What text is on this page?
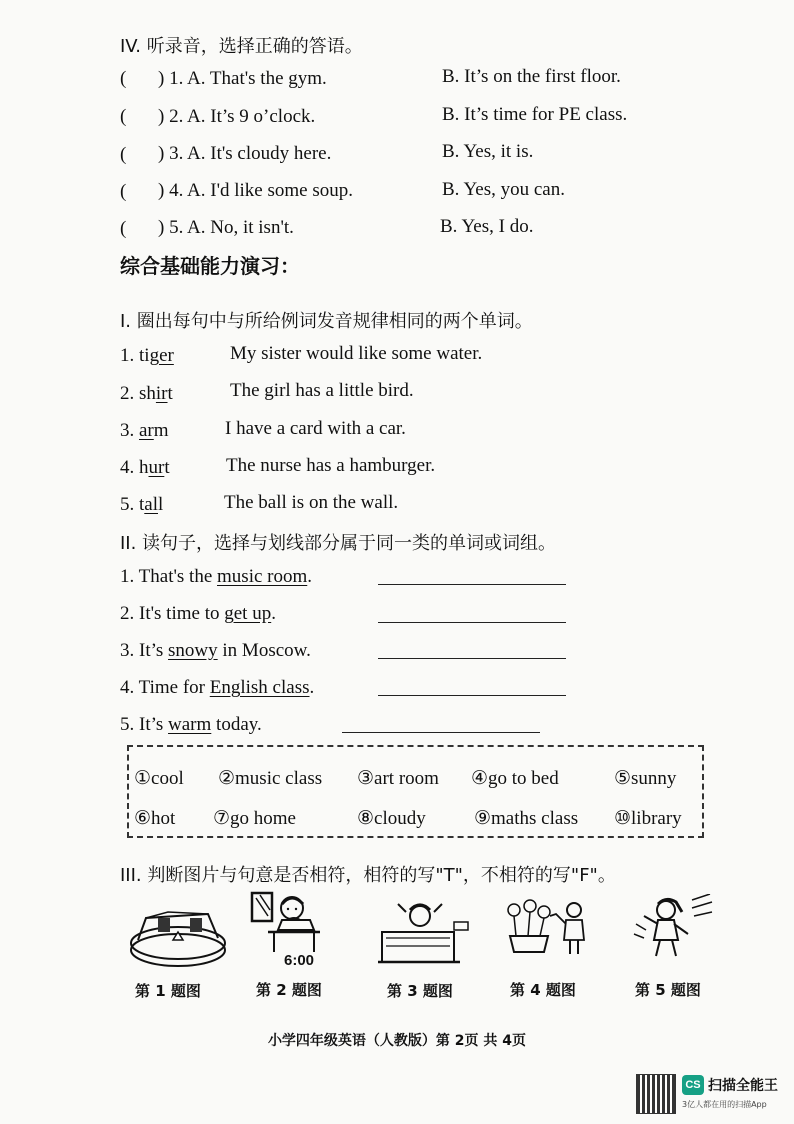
IV. 听录音，选择正确的答语。
( ) 1. A. That's the gym.	B. It’s on the first floor.
( ) 2. A. It’s 9 o’clock.	B. It’s time for PE class.
( ) 3. A. It's cloudy here.	B. Yes, it is.
( ) 4. A. I'd like some soup.	B. Yes, you can.
( ) 5. A. No, it isn't.	B. Yes, I do.
综合基础能力演习：
I. 圈出每句中与所给例词发音规律相同的两个单词。
1. tiger	My sister would like some water.
2. shirt	The girl has a little bird.
3. arm	I have a card with a car.
4. hurt	The nurse has a hamburger.
5. tall	The ball is on the wall.
II. 读句子，选择与划线部分属于同一类的单词或词组。
1. That's the music room.
2. It's time to get up.
3. It’s snowy in Moscow.
4. Time for English class.
5. It’s warm today.
①cool ②music class ③art room ④go to bed	⑤sunny
⑥hot ⑦go home	⑧cloudy	⑨maths class ⑩library
III. 判断图片与句意是否相符，相符的写"T"，不相符的写"F"。
6:00
第 1 题图	第 2 题图	第 3 题图	第 4 题图	第 5 题图
小学四年级英语（人教版）第 2页 共 4页
CS 扫描全能王
3亿人都在用的扫描App
